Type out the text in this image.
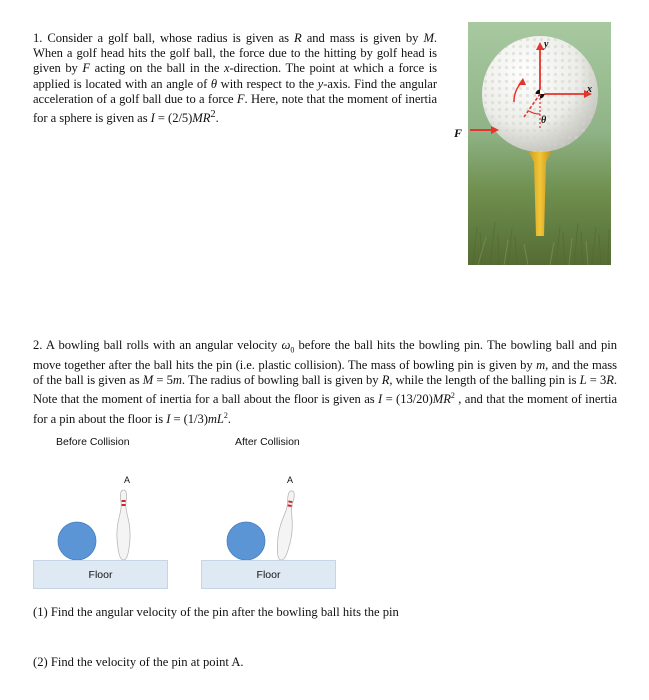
1. Consider a golf ball, whose radius is given as R and mass is given by M. When a golf head hits the golf ball, the force due to the hitting by golf head is given by F acting on the ball in the x-direction. The point at which a force is applied is located with an angle of θ with respect to the y-axis. Find the angular acceleration of a golf ball due to a force F. Here, note that the moment of inertia for a sphere is given as $I = (2/5)MR^2$.
y
x
θ
F
2. A bowling ball rolls with an angular velocity $\omega_0$ before the ball hits the bowling pin. The bowling ball and pin move together after the ball hits the pin (i.e. plastic collision). The mass of bowling pin is given by m, and the mass of the ball is given as M = 5m. The radius of bowling ball is given by R, while the length of the balling pin is L = 3R. Note that the moment of inertia for a ball about the floor is given as $I = (13/20)MR^2$ , and that the moment of inertia for a pin about the floor is $I = (1/3)mL^2$.
Before Collision	After Collision
A
Floor
A
Floor
(1) Find the angular velocity of the pin after the bowling ball hits the pin
(2) Find the velocity of the pin at point A.
